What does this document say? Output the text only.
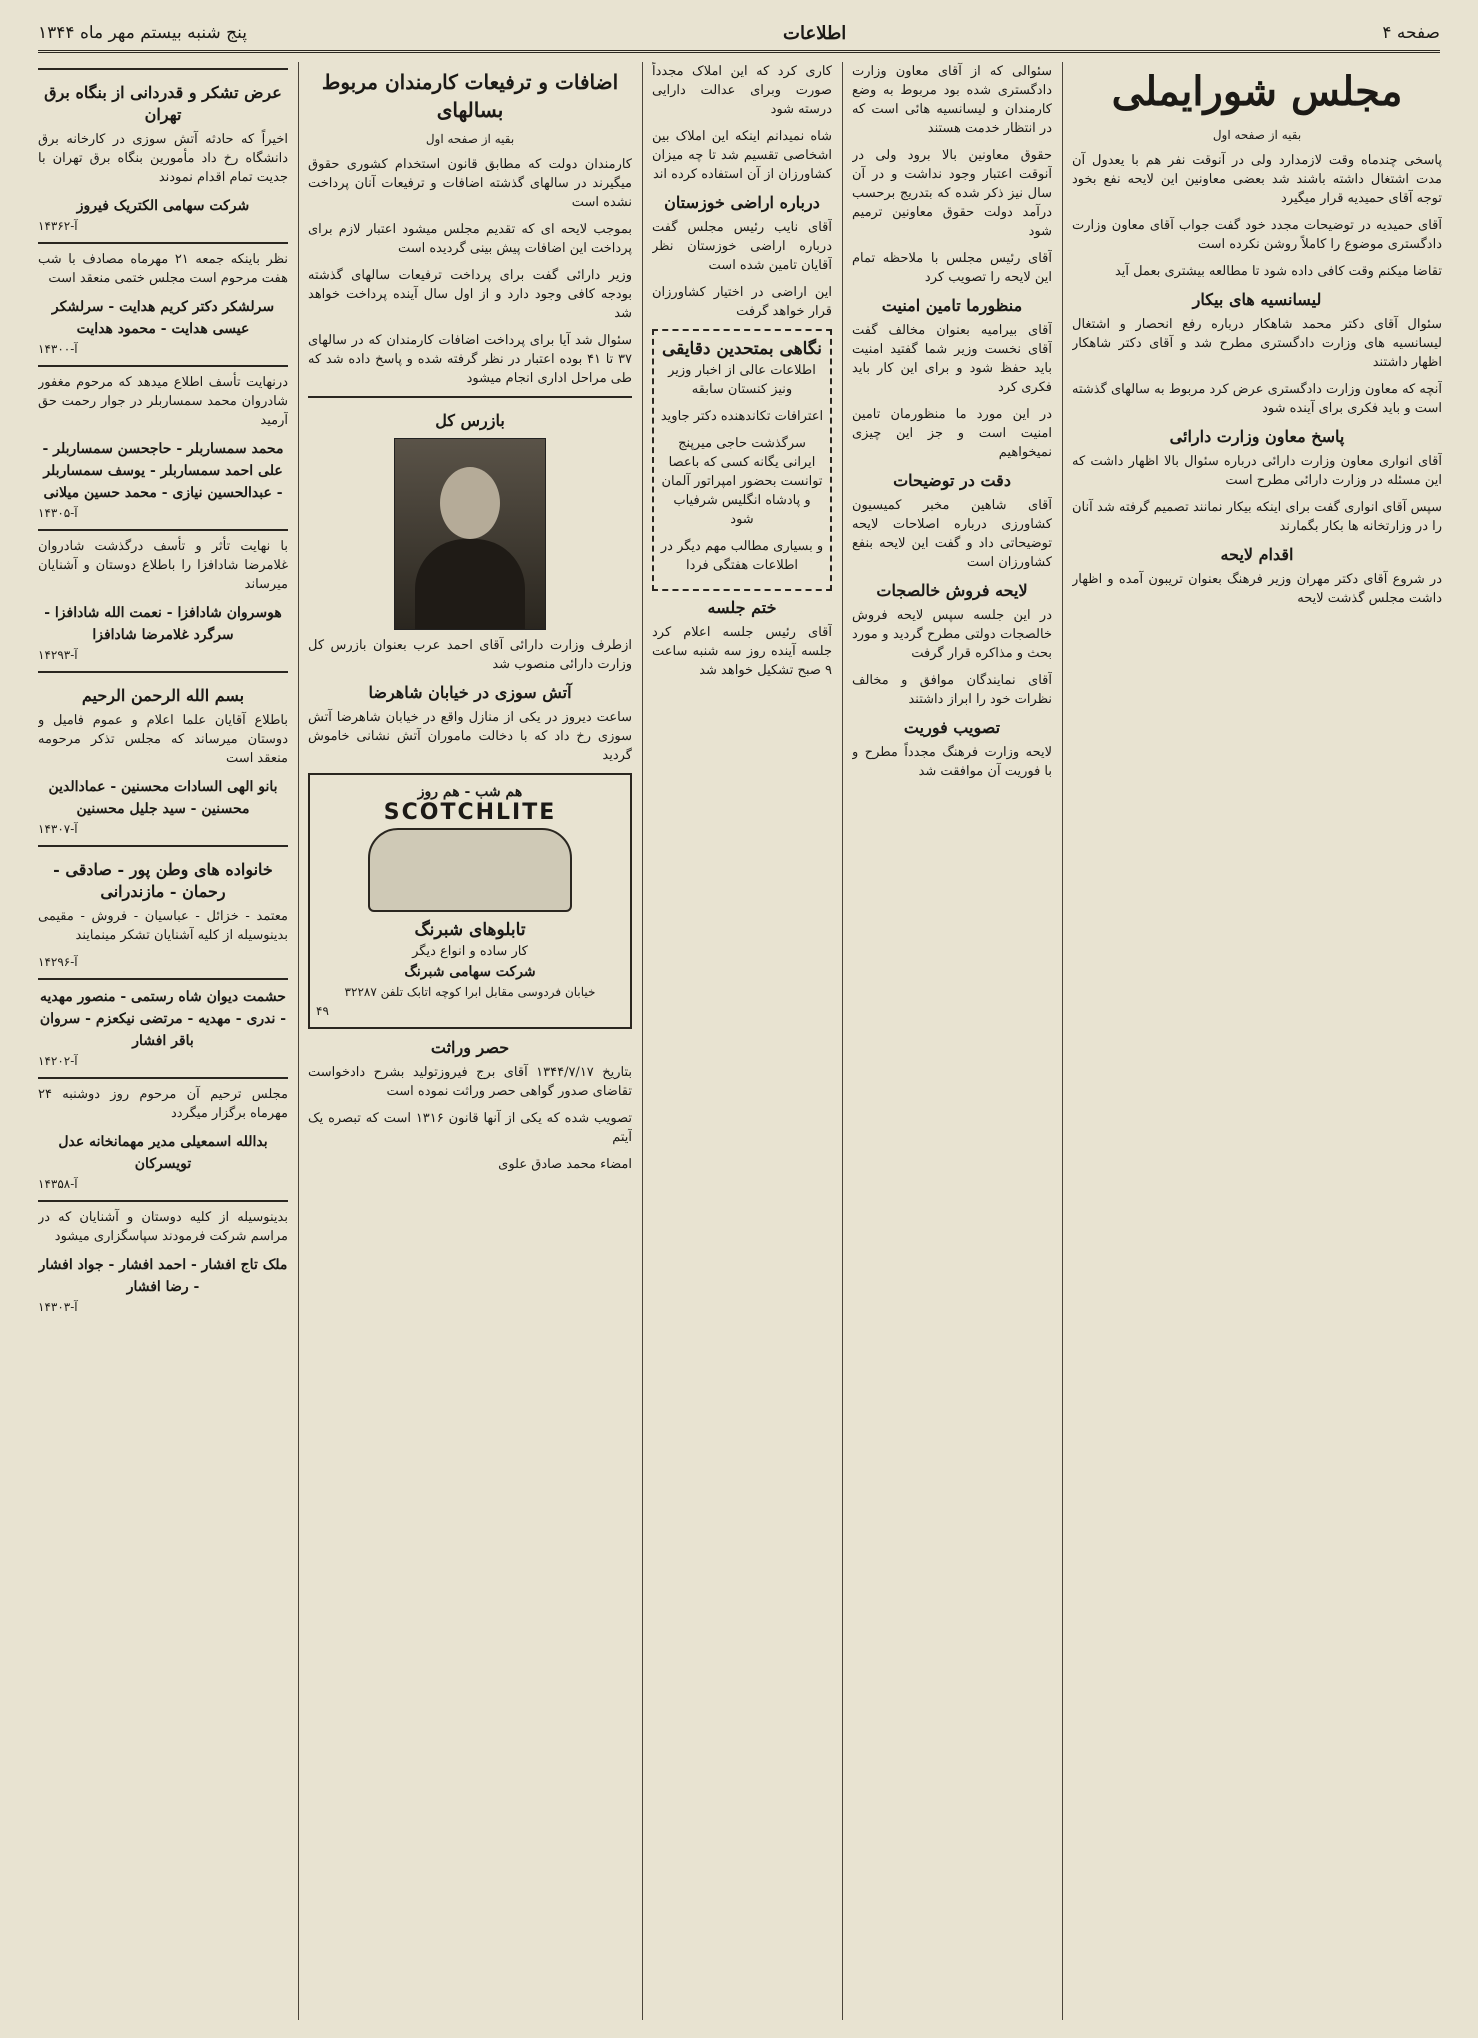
صفحه ۴
اطلاعات
پنج شنبه بیستم مهر ماه ۱۳۴۴
مجلس شورایملی
بقیه از صفحه اول

پاسخی چندماه وقت لازمدارد ولی در آنوقت نفر هم با یعدول آن مدت اشتغال داشته باشند شد بعضی معاونین این لایحه نفع بخود توجه آقای حمیدیه قرار میگیرد

آقای حمیدیه در توضیحات مجدد خود گفت جواب آقای معاون وزارت دادگستری موضوع را کاملاً روشن نکرده است

تقاضا میکنم وقت کافی داده شود تا مطالعه بیشتری بعمل آید

لیسانسیه های بیکار

سئوال آقای دکتر محمد شاهکار درباره رفع انحصار و اشتغال لیسانسیه های وزارت دادگستری مطرح شد و آقای دکتر شاهکار اظهار داشتند

آنچه که معاون وزارت دادگستری عرض کرد مربوط به سالهای گذشته است و باید فکری برای آینده شود

پاسخ معاون وزارت دارائی

آقای انواری معاون وزارت دارائی درباره سئوال بالا اظهار داشت که این مسئله در وزارت دارائی مطرح است

سپس آقای انواری گفت برای اینکه بیکار نمانند تصمیم گرفته شد آنان را در وزارتخانه ها بکار بگمارند

اقدام لایحه

در شروع آقای دکتر مهران وزیر فرهنگ بعنوان تریبون آمده و اظهار داشت مجلس گذشت لایحه

سئوالی که از آقای معاون وزارت دادگستری شده بود مربوط به وضع کارمندان و لیسانسیه هائی است که در انتظار خدمت هستند

حقوق معاونین بالا برود ولی در آنوقت اعتبار وجود نداشت و در آن سال نیز ذکر شده که بتدریج برحسب درآمد دولت حقوق معاونین ترمیم شود

آقای رئیس مجلس با ملاحظه تمام این لایحه را تصویب کرد

منظورما تامین امنیت

آقای بیرامیه بعنوان مخالف گفت آقای نخست وزیر شما گفتید امنیت باید حفظ شود و برای این کار باید فکری کرد

در این مورد ما منظورمان تامین امنیت است و جز این چیزی نمیخواهیم

دقت در توضیحات

آقای شاهین مخبر کمیسیون کشاورزی درباره اصلاحات لایحه توضیحاتی داد و گفت این لایحه بنفع کشاورزان است

لایحه فروش خالصجات

در این جلسه سپس لایحه فروش خالصجات دولتی مطرح گردید و مورد بحث و مذاکره قرار گرفت

آقای نمایندگان موافق و مخالف نظرات خود را ابراز داشتند

تصویب فوریت

لایحه وزارت فرهنگ مجدداً مطرح و با فوریت آن موافقت شد

کاری کرد که این املاک مجدداً صورت وبرای عدالت دارایی درسته شود

شاه نمیدانم اینکه این املاک بین اشخاصی تقسیم شد تا چه میزان کشاورزان از آن استفاده کرده اند

درباره اراضی خوزستان

آقای نایب رئیس مجلس گفت درباره اراضی خوزستان نظر آقایان تامین شده است

این اراضی در اختیار کشاورزان قرار خواهد گرفت

نگاهی بمتحدین دقایقی

اطلاعات عالی از اخبار وزیر ونیز کنستان سابقه

اعترافات تکاندهنده دکتر جاوید

سرگذشت حاجی میرپنج ایرانی یگانه کسی که باعصا توانست بحضور امپراتور آلمان و پادشاه انگلیس شرفیاب شود

و بسیاری مطالب مهم دیگر در اطلاعات هفتگی فردا

ختم جلسه

آقای رئیس جلسه اعلام کرد جلسه آینده روز سه شنبه ساعت ۹ صبح تشکیل خواهد شد

اضافات و ترفیعات کارمندان مربوط بسالهای
بقیه از صفحه اول

کارمندان دولت که مطابق قانون استخدام کشوری حقوق میگیرند در سالهای گذشته اضافات و ترفیعات آنان پرداخت نشده است

بموجب لایحه ای که تقدیم مجلس میشود اعتبار لازم برای پرداخت این اضافات پیش بینی گردیده است

وزیر دارائی گفت برای پرداخت ترفیعات سالهای گذشته بودجه کافی وجود دارد و از اول سال آینده پرداخت خواهد شد

سئوال شد آیا برای پرداخت اضافات کارمندان که در سالهای ۳۷ تا ۴۱ بوده اعتبار در نظر گرفته شده و پاسخ داده شد که طی مراحل اداری انجام میشود

بازرس کل

ازطرف وزارت دارائی آقای احمد عرب بعنوان بازرس کل وزارت دارائی منصوب شد

آتش سوزی در خیابان شاهرضا

ساعت دیروز در یکی از منازل واقع در خیابان شاهرضا آتش سوزی رخ داد که با دخالت ماموران آتش نشانی خاموش گردید

هم شب - هم روز
SCOTCHLITE
تابلوهای شبرنگ
کار ساده و انواع دیگر
شرکت سهامی شبرنگ
خیابان فردوسی مقابل ابرا کوچه اتابک تلفن ۳۲۲۸۷
۴۹
حصر وراثت

بتاریخ ۱۳۴۴/۷/۱۷ آقای برج فیروزتولید بشرح دادخواست تقاضای صدور گواهی حصر وراثت نموده است

تصویب شده که یکی از آنها قانون ۱۳۱۶ است که تبصره یک آیتم

امضاء محمد صادق علوی

عرض تشکر و قدردانی از بنگاه برق تهران

اخیراً که حادثه آتش سوزی در کارخانه برق دانشگاه رخ داد مأمورین بنگاه برق تهران با جدیت تمام اقدام نمودند

شرکت سهامی الکتریک فیروز
آ-۱۴۳۶۲

نظر باینکه جمعه ۲۱ مهرماه مصادف با شب هفت مرحوم است مجلس ختمی منعقد است

سرلشکر دکتر کریم هدایت - سرلشکر عیسی هدایت - محمود هدایت
آ-۱۴۳۰۰

درنهایت تأسف اطلاع میدهد که مرحوم مغفور شادروان محمد سمساربلر در جوار رحمت حق آرمید

محمد سمساربلر - حاجحسن سمساربلر - علی احمد سمساربلر - یوسف سمساربلر - عبدالحسین نیازی - محمد حسین میلانی
آ-۱۴۳۰۵

با نهایت تأثر و تأسف درگذشت شادروان غلامرضا شادافزا را باطلاع دوستان و آشنایان میرساند

هوسروان شادافزا - نعمت الله شادافزا - سرگرد غلامرضا شادافزا
آ-۱۴۲۹۳
بسم الله الرحمن الرحیم

باطلاع آقایان علما اعلام و عموم فامیل و دوستان میرساند که مجلس تذکر مرحومه منعقد است

بانو الهی السادات محسنین - عمادالدین محسنین - سید جلیل محسنین
آ-۱۴۳۰۷
خانواده های وطن پور - صادقی - رحمان - مازندرانی

معتمد - خزائل - عباسیان - فروش - مقیمی بدینوسیله از کلیه آشنایان تشکر مینمایند

آ-۱۴۲۹۶
حشمت دیوان شاه رستمی - منصور مهدیه - ندری - مهدیه - مرتضی نیکعزم - سروان باقر افشار
آ-۱۴۲۰۲

مجلس ترحیم آن مرحوم روز دوشنبه ۲۴ مهرماه برگزار میگردد

بدالله اسمعیلی مدیر مهمانخانه عدل تویسرکان
آ-۱۴۳۵۸

بدینوسیله از کلیه دوستان و آشنایان که در مراسم شرکت فرمودند سپاسگزاری میشود

ملک تاج افشار - احمد افشار - جواد افشار - رضا افشار
آ-۱۴۳۰۳
